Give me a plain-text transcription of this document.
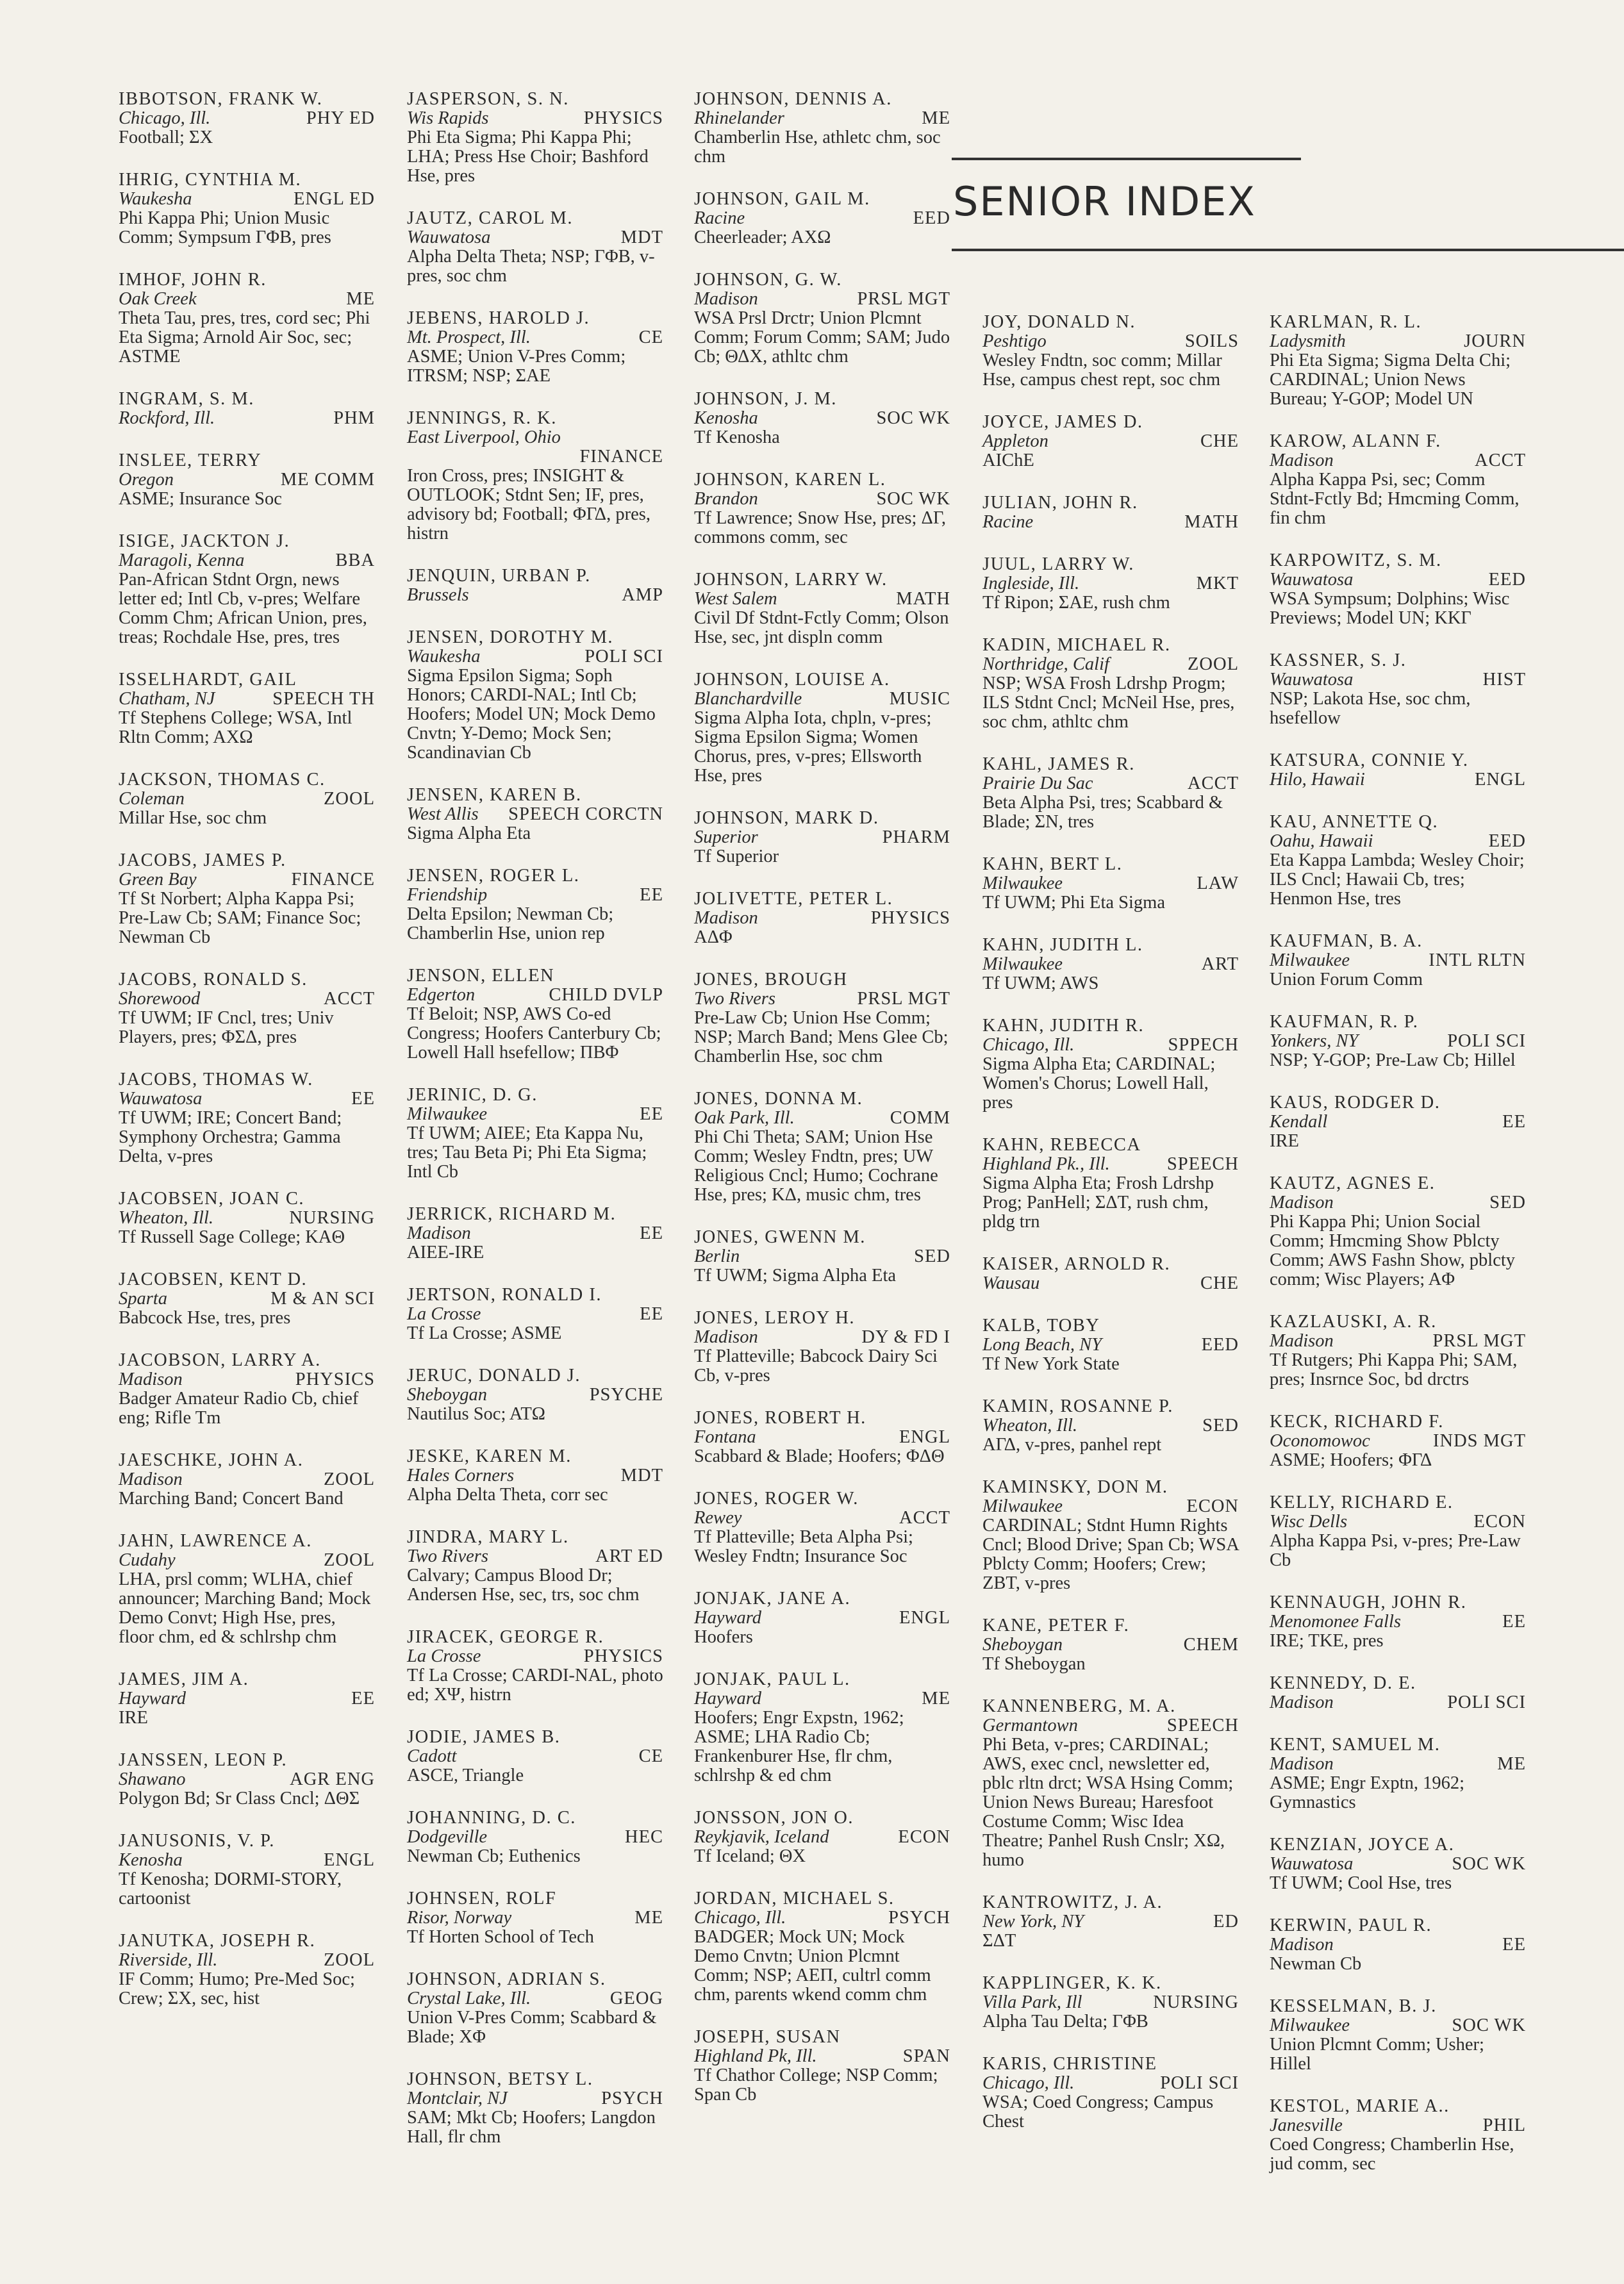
IBBOTSON, FRANK W.
PHY ED
Chicago, Ill.
Football; ΣX
IHRIG, CYNTHIA M.
ENGL ED
Waukesha
Phi Kappa Phi; Union Music Comm; Sympsum ΓΦB, pres
IMHOF, JOHN R.
ME
Oak Creek
Theta Tau, pres, tres, cord sec; Phi Eta Sigma; Arnold Air Soc, sec; ASTME
INGRAM, S. M.
PHM
Rockford, Ill.
INSLEE, TERRY
ME COMM
Oregon
ASME; Insurance Soc
ISIGE, JACKTON J.
BBA
Maragoli, Kenna
Pan-African Stdnt Orgn, news letter ed; Intl Cb, v-pres; Welfare Comm Chm; African Union, pres, treas; Rochdale Hse, pres, tres
ISSELHARDT, GAIL
SPEECH TH
Chatham, NJ
Tf Stephens College; WSA, Intl Rltn Comm; AXΩ
JACKSON, THOMAS C.
ZOOL
Coleman
Millar Hse, soc chm
JACOBS, JAMES P.
FINANCE
Green Bay
Tf St Norbert; Alpha Kappa Psi; Pre-Law Cb; SAM; Finance Soc; Newman Cb
JACOBS, RONALD S.
ACCT
Shorewood
Tf UWM; IF Cncl, tres; Univ Players, pres; ΦΣΔ, pres
JACOBS, THOMAS W.
EE
Wauwatosa
Tf UWM; IRE; Concert Band; Symphony Orchestra; Gamma Delta, v-pres
JACOBSEN, JOAN C.
NURSING
Wheaton, Ill.
Tf Russell Sage College; KAΘ
JACOBSEN, KENT D.
M & AN SCI
Sparta
Babcock Hse, tres, pres
JACOBSON, LARRY A.
PHYSICS
Madison
Badger Amateur Radio Cb, chief eng; Rifle Tm
JAESCHKE, JOHN A.
ZOOL
Madison
Marching Band; Concert Band
JAHN, LAWRENCE A.
ZOOL
Cudahy
LHA, prsl comm; WLHA, chief announcer; Marching Band; Mock Demo Convt; High Hse, pres, floor chm, ed & schlrshp chm
JAMES, JIM A.
EE
Hayward
IRE
JANSSEN, LEON P.
AGR ENG
Shawano
Polygon Bd; Sr Class Cncl; ΔΘΣ
JANUSONIS, V. P.
ENGL
Kenosha
Tf Kenosha; DORMI-STORY, cartoonist
JANUTKA, JOSEPH R.
ZOOL
Riverside, Ill.
IF Comm; Humo; Pre-Med Soc; Crew; ΣX, sec, hist
JASPERSON, S. N.
PHYSICS
Wis Rapids
Phi Eta Sigma; Phi Kappa Phi; LHA; Press Hse Choir; Bashford Hse, pres
JAUTZ, CAROL M.
MDT
Wauwatosa
Alpha Delta Theta; NSP; ΓΦB, v-pres, soc chm
JEBENS, HAROLD J.
CE
Mt. Prospect, Ill.
ASME; Union V-Pres Comm; ITRSM; NSP; ΣAE
JENNINGS, R. K.
East Liverpool, Ohio
FINANCE
Iron Cross, pres; INSIGHT & OUTLOOK; Stdnt Sen; IF, pres, advisory bd; Football; ΦΓΔ, pres, histrn
JENQUIN, URBAN P.
AMP
Brussels
JENSEN, DOROTHY M.
POLI SCI
Waukesha
Sigma Epsilon Sigma; Soph Honors; CARDI-NAL; Intl Cb; Hoofers; Model UN; Mock Demo Cnvtn; Y-Demo; Mock Sen; Scandinavian Cb
JENSEN, KAREN B.
SPEECH CORCTN
West Allis
Sigma Alpha Eta
JENSEN, ROGER L.
EE
Friendship
Delta Epsilon; Newman Cb; Chamberlin Hse, union rep
JENSON, ELLEN
CHILD DVLP
Edgerton
Tf Beloit; NSP, AWS Co-ed Congress; Hoofers Canterbury Cb; Lowell Hall hsefellow; ΠBΦ
JERINIC, D. G.
EE
Milwaukee
Tf UWM; AIEE; Eta Kappa Nu, tres; Tau Beta Pi; Phi Eta Sigma; Intl Cb
JERRICK, RICHARD M.
EE
Madison
AIEE-IRE
JERTSON, RONALD I.
EE
La Crosse
Tf La Crosse; ASME
JERUC, DONALD J.
PSYCHE
Sheboygan
Nautilus Soc; ATΩ
JESKE, KAREN M.
MDT
Hales Corners
Alpha Delta Theta, corr sec
JINDRA, MARY L.
ART ED
Two Rivers
Calvary; Campus Blood Dr; Andersen Hse, sec, trs, soc chm
JIRACEK, GEORGE R.
PHYSICS
La Crosse
Tf La Crosse; CARDI-NAL, photo ed; XΨ, histrn
JODIE, JAMES B.
CE
Cadott
ASCE, Triangle
JOHANNING, D. C.
HEC
Dodgeville
Newman Cb; Euthenics
JOHNSEN, ROLF
ME
Risor, Norway
Tf Horten School of Tech
JOHNSON, ADRIAN S.
GEOG
Crystal Lake, Ill.
Union V-Pres Comm; Scabbard & Blade; XΦ
JOHNSON, BETSY L.
PSYCH
Montclair, NJ
SAM; Mkt Cb; Hoofers; Langdon Hall, flr chm
JOHNSON, DENNIS A.
ME
Rhinelander
Chamberlin Hse, athletc chm, soc chm
JOHNSON, GAIL M.
EED
Racine
Cheerleader; AXΩ
JOHNSON, G. W.
PRSL MGT
Madison
WSA Prsl Drctr; Union Plcmnt Comm; Forum Comm; SAM; Judo Cb; ΘΔX, athltc chm
JOHNSON, J. M.
SOC WK
Kenosha
Tf Kenosha
JOHNSON, KAREN L.
SOC WK
Brandon
Tf Lawrence; Snow Hse, pres; ΔΓ, commons comm, sec
JOHNSON, LARRY W.
MATH
West Salem
Civil Df Stdnt-Fctly Comm; Olson Hse, sec, jnt displn comm
JOHNSON, LOUISE A.
MUSIC
Blanchardville
Sigma Alpha Iota, chpln, v-pres; Sigma Epsilon Sigma; Women Chorus, pres, v-pres; Ellsworth Hse, pres
JOHNSON, MARK D.
PHARM
Superior
Tf Superior
JOLIVETTE, PETER L.
PHYSICS
Madison
AΔΦ
JONES, BROUGH
PRSL MGT
Two Rivers
Pre-Law Cb; Union Hse Comm; NSP; March Band; Mens Glee Cb; Chamberlin Hse, soc chm
JONES, DONNA M.
COMM
Oak Park, Ill.
Phi Chi Theta; SAM; Union Hse Comm; Wesley Fndtn, pres; UW Religious Cncl; Humo; Cochrane Hse, pres; KΔ, music chm, tres
JONES, GWENN M.
SED
Berlin
Tf UWM; Sigma Alpha Eta
JONES, LEROY H.
DY & FD I
Madison
Tf Platteville; Babcock Dairy Sci Cb, v-pres
JONES, ROBERT H.
ENGL
Fontana
Scabbard & Blade; Hoofers; ΦΔΘ
JONES, ROGER W.
ACCT
Rewey
Tf Platteville; Beta Alpha Psi; Wesley Fndtn; Insurance Soc
JONJAK, JANE A.
ENGL
Hayward
Hoofers
JONJAK, PAUL L.
ME
Hayward
Hoofers; Engr Expstn, 1962; ASME; LHA Radio Cb; Frankenburer Hse, flr chm, schlrshp & ed chm
JONSSON, JON O.
ECON
Reykjavik, Iceland
Tf Iceland; ΘX
JORDAN, MICHAEL S.
PSYCH
Chicago, Ill.
BADGER; Mock UN; Mock Demo Cnvtn; Union Plcmnt Comm; NSP; AEΠ, cultrl comm chm, parents wkend comm chm
JOSEPH, SUSAN
SPAN
Highland Pk, Ill.
Tf Chathor College; NSP Comm; Span Cb
SENIOR INDEX
JOY, DONALD N.
SOILS
Peshtigo
Wesley Fndtn, soc comm; Millar Hse, campus chest rept, soc chm
JOYCE, JAMES D.
CHE
Appleton
AIChE
JULIAN, JOHN R.
MATH
Racine
JUUL, LARRY W.
MKT
Ingleside, Ill.
Tf Ripon; ΣAE, rush chm
KADIN, MICHAEL R.
ZOOL
Northridge, Calif
NSP; WSA Frosh Ldrshp Progm; ILS Stdnt Cncl; McNeil Hse, pres, soc chm, athltc chm
KAHL, JAMES R.
ACCT
Prairie Du Sac
Beta Alpha Psi, tres; Scabbard & Blade; ΣN, tres
KAHN, BERT L.
LAW
Milwaukee
Tf UWM; Phi Eta Sigma
KAHN, JUDITH L.
ART
Milwaukee
Tf UWM; AWS
KAHN, JUDITH R.
SPPECH
Chicago, Ill.
Sigma Alpha Eta; CARDINAL; Women's Chorus; Lowell Hall, pres
KAHN, REBECCA
SPEECH
Highland Pk., Ill.
Sigma Alpha Eta; Frosh Ldrshp Prog; PanHell; ΣΔT, rush chm, pldg trn
KAISER, ARNOLD R.
CHE
Wausau
KALB, TOBY
EED
Long Beach, NY
Tf New York State
KAMIN, ROSANNE P.
SED
Wheaton, Ill.
AΓΔ, v-pres, panhel rept
KAMINSKY, DON M.
ECON
Milwaukee
CARDINAL; Stdnt Humn Rights Cncl; Blood Drive; Span Cb; WSA Pblcty Comm; Hoofers; Crew; ZBT, v-pres
KANE, PETER F.
CHEM
Sheboygan
Tf Sheboygan
KANNENBERG, M. A.
SPEECH
Germantown
Phi Beta, v-pres; CARDINAL; AWS, exec cncl, newsletter ed, pblc rltn drct; WSA Hsing Comm; Union News Bureau; Haresfoot Costume Comm; Wisc Idea Theatre; Panhel Rush Cnslr; XΩ, humo
KANTROWITZ, J. A.
ED
New York, NY
ΣΔT
KAPPLINGER, K. K.
NURSING
Villa Park, Ill
Alpha Tau Delta; ΓΦB
KARIS, CHRISTINE
POLI SCI
Chicago, Ill.
WSA; Coed Congress; Campus Chest
KARLMAN, R. L.
JOURN
Ladysmith
Phi Eta Sigma; Sigma Delta Chi; CARDINAL; Union News Bureau; Y-GOP; Model UN
KAROW, ALANN F.
ACCT
Madison
Alpha Kappa Psi, sec; Comm Stdnt-Fctly Bd; Hmcming Comm, fin chm
KARPOWITZ, S. M.
EED
Wauwatosa
WSA Sympsum; Dolphins; Wisc Previews; Model UN; KKΓ
KASSNER, S. J.
HIST
Wauwatosa
NSP; Lakota Hse, soc chm, hsefellow
KATSURA, CONNIE Y.
ENGL
Hilo, Hawaii
KAU, ANNETTE Q.
EED
Oahu, Hawaii
Eta Kappa Lambda; Wesley Choir; ILS Cncl; Hawaii Cb, tres; Henmon Hse, tres
KAUFMAN, B. A.
INTL RLTN
Milwaukee
Union Forum Comm
KAUFMAN, R. P.
POLI SCI
Yonkers, NY
NSP; Y-GOP; Pre-Law Cb; Hillel
KAUS, RODGER D.
EE
Kendall
IRE
KAUTZ, AGNES E.
SED
Madison
Phi Kappa Phi; Union Social Comm; Hmcming Show Pblcty Comm; AWS Fashn Show, pblcty comm; Wisc Players; AΦ
KAZLAUSKI, A. R.
PRSL MGT
Madison
Tf Rutgers; Phi Kappa Phi; SAM, pres; Insrnce Soc, bd drctrs
KECK, RICHARD F.
INDS MGT
Oconomowoc
ASME; Hoofers; ΦΓΔ
KELLY, RICHARD E.
ECON
Wisc Dells
Alpha Kappa Psi, v-pres; Pre-Law Cb
KENNAUGH, JOHN R.
EE
Menomonee Falls
IRE; TKE, pres
KENNEDY, D. E.
POLI SCI
Madison
KENT, SAMUEL M.
ME
Madison
ASME; Engr Exptn, 1962; Gymnastics
KENZIAN, JOYCE A.
SOC WK
Wauwatosa
Tf UWM; Cool Hse, tres
KERWIN, PAUL R.
EE
Madison
Newman Cb
KESSELMAN, B. J.
SOC WK
Milwaukee
Union Plcmnt Comm; Usher; Hillel
KESTOL, MARIE A..
PHIL
Janesville
Coed Congress; Chamberlin Hse, jud comm, sec
